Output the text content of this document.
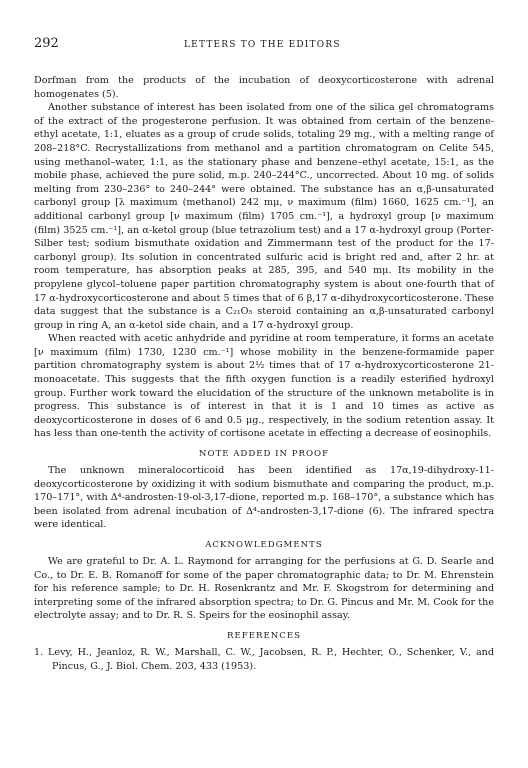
292	LETTERS TO THE EDITORS

Dorfman from the products of the incubation of deoxycorticosterone with adrenal homogenates (5).

Another substance of interest has been isolated from one of the silica gel chromatograms of the extract of the progesterone perfusion. It was obtained from certain of the benzene-ethyl acetate, 1:1, eluates as a group of crude solids, totaling 29 mg., with a melting range of 208–218°C. Recrystallizations from methanol and a partition chromatogram on Celite 545, using methanol–water, 1:1, as the stationary phase and benzene–ethyl acetate, 15:1, as the mobile phase, achieved the pure solid, m.p. 240–244°C., uncorrected. About 10 mg. of solids melting from 230–236° to 240–244° were obtained. The substance has an α,β-unsaturated carbonyl group [λ maximum (methanol) 242 mμ, ν maximum (film) 1660, 1625 cm.⁻¹], an additional carbonyl group [ν maximum (film) 1705 cm.⁻¹], a hydroxyl group [ν maximum (film) 3525 cm.⁻¹], an α-ketol group (blue tetrazolium test) and a 17 α-hydroxyl group (Porter-Silber test; sodium bismuthate oxidation and Zimmermann test of the product for the 17-carbonyl group). Its solution in concentrated sulfuric acid is bright red and, after 2 hr. at room temperature, has absorption peaks at 285, 395, and 540 mμ. Its mobility in the propylene glycol–toluene paper partition chromatography system is about one-fourth that of 17 α-hydroxycorticosterone and about 5 times that of 6 β,17 α-dihydroxycorticosterone. These data suggest that the substance is a C₂₁O₅ steroid containing an α,β-unsaturated carbonyl group in ring A, an α-ketol side chain, and a 17 α-hydroxyl group.

When reacted with acetic anhydride and pyridine at room temperature, it forms an acetate [ν maximum (film) 1730, 1230 cm.⁻¹] whose mobility in the benzene-formamide paper partition chromatography system is about 2½ times that of 17 α-hydroxycorticosterone 21-monoacetate. This suggests that the fifth oxygen function is a readily esterified hydroxyl group. Further work toward the elucidation of the structure of the unknown metabolite is in progress. This substance is of interest in that it is 1 and 10 times as active as deoxycorticosterone in doses of 6 and 0.5 μg., respectively, in the sodium retention assay. It has less than one-tenth the activity of cortisone acetate in effecting a decrease of eosinophils.

NOTE ADDED IN PROOF

The unknown mineralocorticoid has been identified as 17α,19-dihydroxy-11-deoxycorticosterone by oxidizing it with sodium bismuthate and comparing the product, m.p. 170–171°, with Δ⁴-androsten-19-ol-3,17-dione, reported m.p. 168–170°, a substance which has been isolated from adrenal incubation of Δ⁴-androsten-3,17-dione (6). The infrared spectra were identical.

ACKNOWLEDGMENTS

We are grateful to Dr. A. L. Raymond for arranging for the perfusions at G. D. Searle and Co., to Dr. E. B. Romanoff for some of the paper chromatographic data; to Dr. M. Ehrenstein for his reference sample; to Dr. H. Rosenkrantz and Mr. F. Skogstrom for determining and interpreting some of the infrared absorption spectra; to Dr. G. Pincus and Mr. M. Cook for the electrolyte assay; and to Dr. R. S. Speirs for the eosinophil assay.

REFERENCES
1. Levy, H., Jeanloz, R. W., Marshall, C. W., Jacobsen, R. P., Hechter, O., Schenker, V., and Pincus, G., J. Biol. Chem. 203, 433 (1953).
